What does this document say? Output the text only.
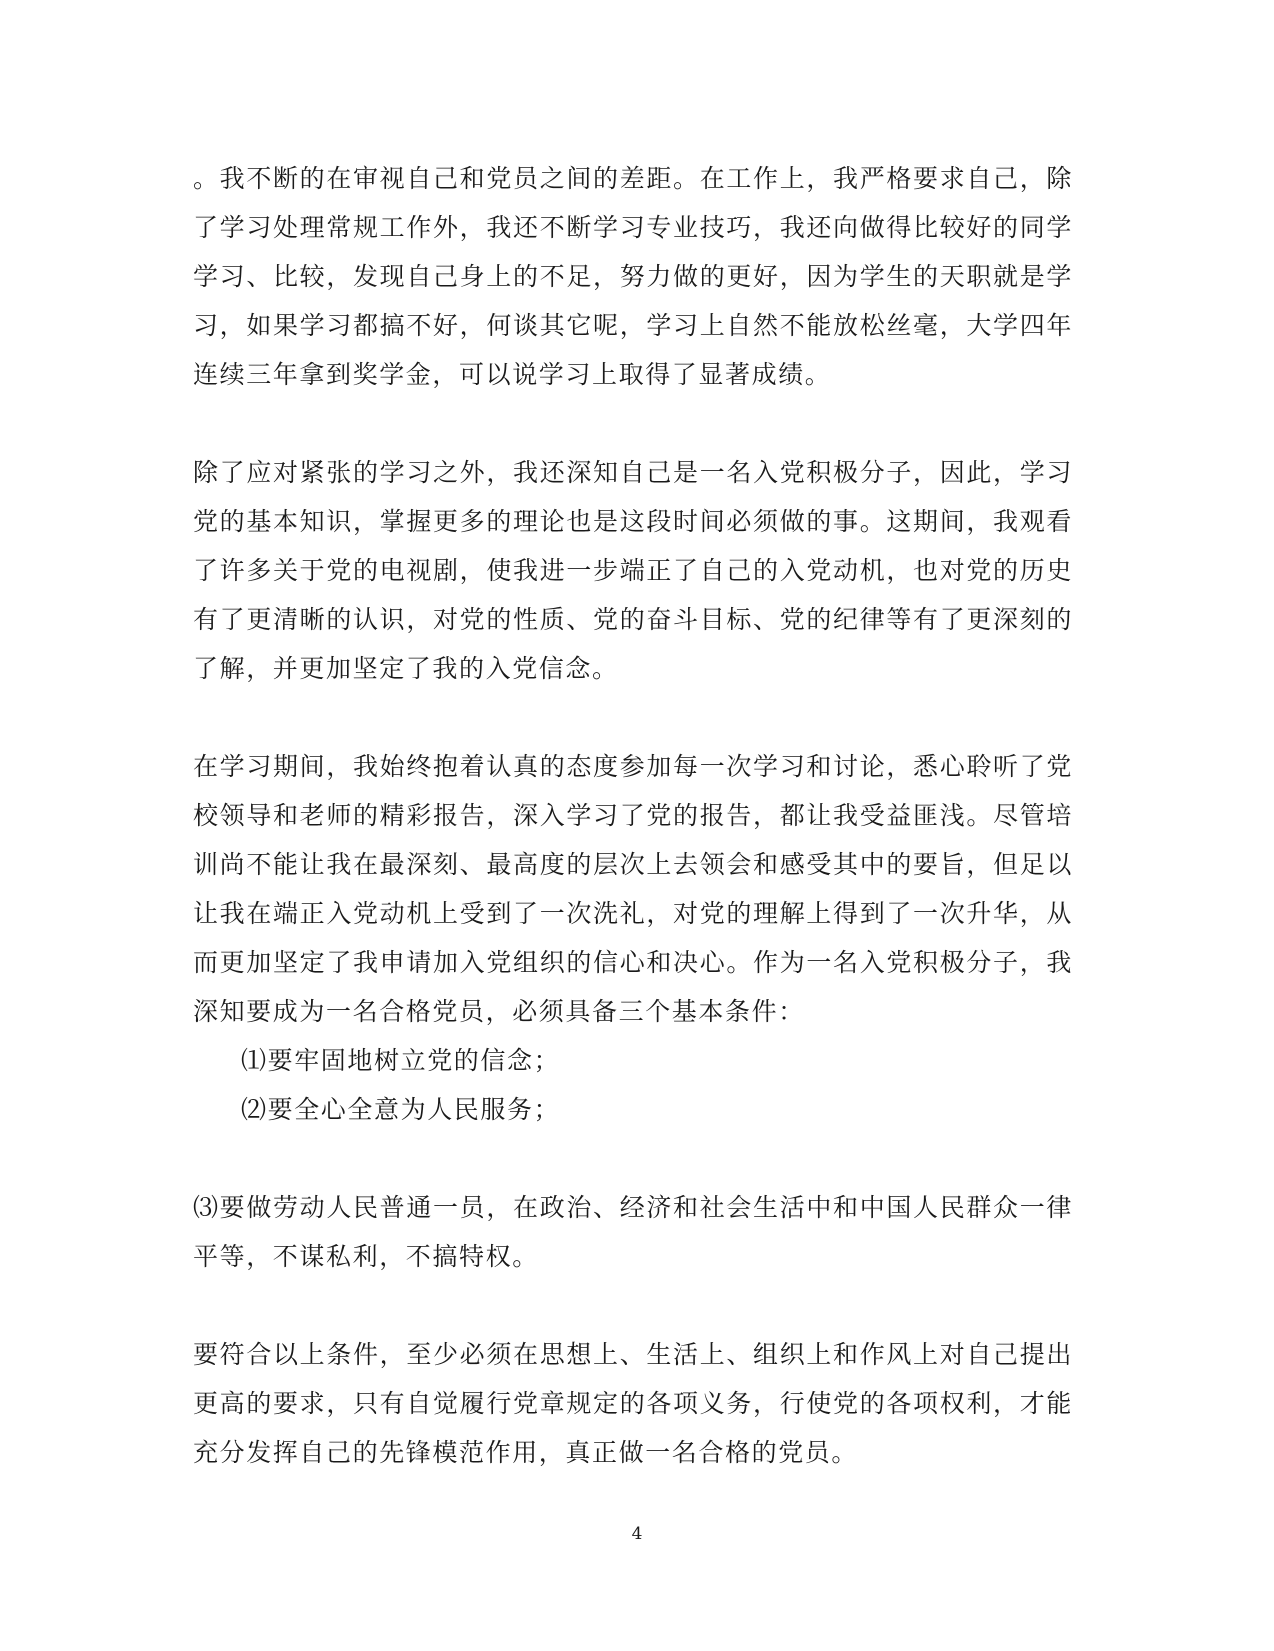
。我不断的在审视自己和党员之间的差距。在工作上，我严格要求自己，除了学习处理常规工作外，我还不断学习专业技巧，我还向做得比较好的同学学习、比较，发现自己身上的不足，努力做的更好，因为学生的天职就是学习，如果学习都搞不好，何谈其它呢，学习上自然不能放松丝毫，大学四年连续三年拿到奖学金，可以说学习上取得了显著成绩。

除了应对紧张的学习之外，我还深知自己是一名入党积极分子，因此，学习党的基本知识，掌握更多的理论也是这段时间必须做的事。这期间，我观看了许多关于党的电视剧，使我进一步端正了自己的入党动机，也对党的历史有了更清晰的认识，对党的性质、党的奋斗目标、党的纪律等有了更深刻的了解，并更加坚定了我的入党信念。

在学习期间，我始终抱着认真的态度参加每一次学习和讨论，悉心聆听了党校领导和老师的精彩报告，深入学习了党的报告，都让我受益匪浅。尽管培训尚不能让我在最深刻、最高度的层次上去领会和感受其中的要旨，但足以让我在端正入党动机上受到了一次洗礼，对党的理解上得到了一次升华，从而更加坚定了我申请加入党组织的信心和决心。作为一名入党积极分子，我深知要成为一名合格党员，必须具备三个基本条件：

⑴要牢固地树立党的信念；

⑵要全心全意为人民服务；

⑶要做劳动人民普通一员，在政治、经济和社会生活中和中国人民群众一律平等，不谋私利，不搞特权。

要符合以上条件，至少必须在思想上、生活上、组织上和作风上对自己提出更高的要求，只有自觉履行党章规定的各项义务，行使党的各项权利，才能充分发挥自己的先锋模范作用，真正做一名合格的党员。

4
